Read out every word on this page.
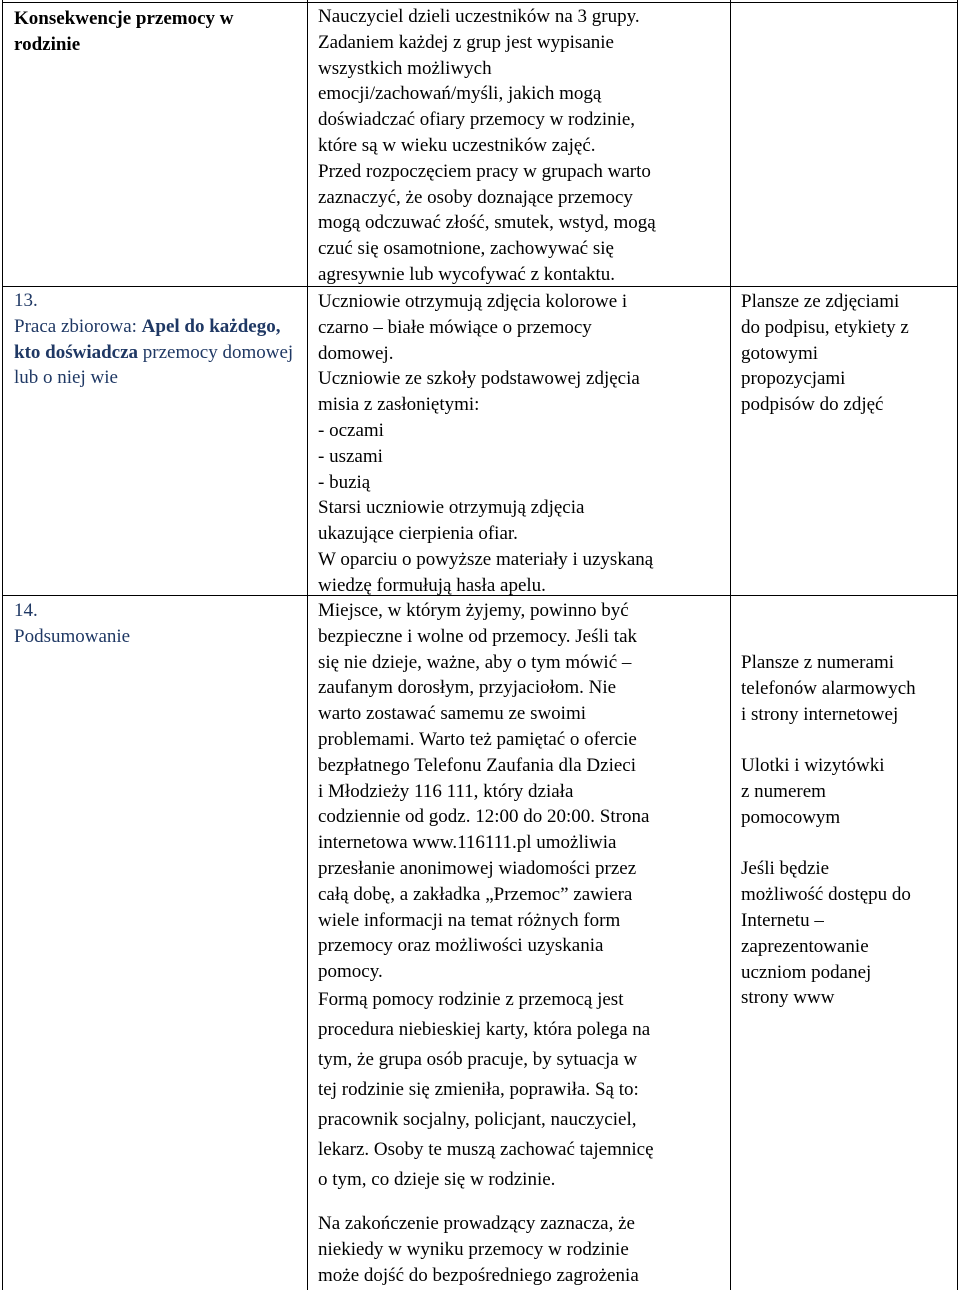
Konsekwencje przemocy w rodzinie

13.

Praca zbiorowa: Apel do każdego, kto doświadcza przemocy domowej lub o niej wie

14.

Podsumowanie

Nauczyciel dzieli uczestników na 3 grupy.

Zadaniem każdej z grup jest wypisanie

wszystkich możliwych

emocji/zachowań/myśli, jakich mogą

doświadczać ofiary przemocy w rodzinie,

które są w wieku uczestników zajęć.

Przed rozpoczęciem pracy w grupach warto

zaznaczyć, że osoby doznające przemocy

mogą odczuwać złość, smutek, wstyd, mogą

czuć się osamotnione, zachowywać się

agresywnie lub wycofywać z kontaktu.

Uczniowie otrzymują zdjęcia kolorowe i

czarno – białe mówiące o przemocy

domowej.

Uczniowie ze szkoły podstawowej zdjęcia

misia z zasłoniętymi:

- oczami

- uszami

- buzią

Starsi uczniowie otrzymują zdjęcia

ukazujące cierpienia ofiar.

W oparciu o powyższe materiały i uzyskaną

wiedzę formułują hasła apelu.

Miejsce, w którym żyjemy, powinno być

bezpieczne i wolne od przemocy. Jeśli tak

się nie dzieje, ważne, aby o tym mówić –

zaufanym dorosłym, przyjaciołom. Nie

warto zostawać samemu ze swoimi

problemami. Warto też pamiętać o ofercie

bezpłatnego Telefonu Zaufania dla Dzieci

i Młodzieży 116 111, który działa

codziennie od godz. 12:00 do 20:00. Strona

internetowa www.116111.pl umożliwia

przesłanie anonimowej wiadomości przez

całą dobę, a zakładka „Przemoc” zawiera

wiele informacji na temat różnych form

przemocy oraz możliwości uzyskania

pomocy.

Formą pomocy rodzinie z przemocą jest

procedura niebieskiej karty, która polega na

tym, że grupa osób pracuje, by sytuacja w

tej rodzinie się zmieniła, poprawiła. Są to:

pracownik socjalny, policjant, nauczyciel,

lekarz. Osoby te muszą zachować tajemnicę

o tym, co dzieje się w rodzinie.

Na zakończenie prowadzący zaznacza, że

niekiedy w wyniku przemocy w rodzinie

może dojść do bezpośredniego zagrożenia

Plansze ze zdjęciami

do podpisu, etykiety z

gotowymi

propozycjami

podpisów do zdjęć

Plansze z numerami

telefonów alarmowych

i strony internetowej

Ulotki i wizytówki

z numerem

pomocowym

Jeśli będzie

możliwość dostępu do

Internetu –

zaprezentowanie

uczniom podanej

strony www
